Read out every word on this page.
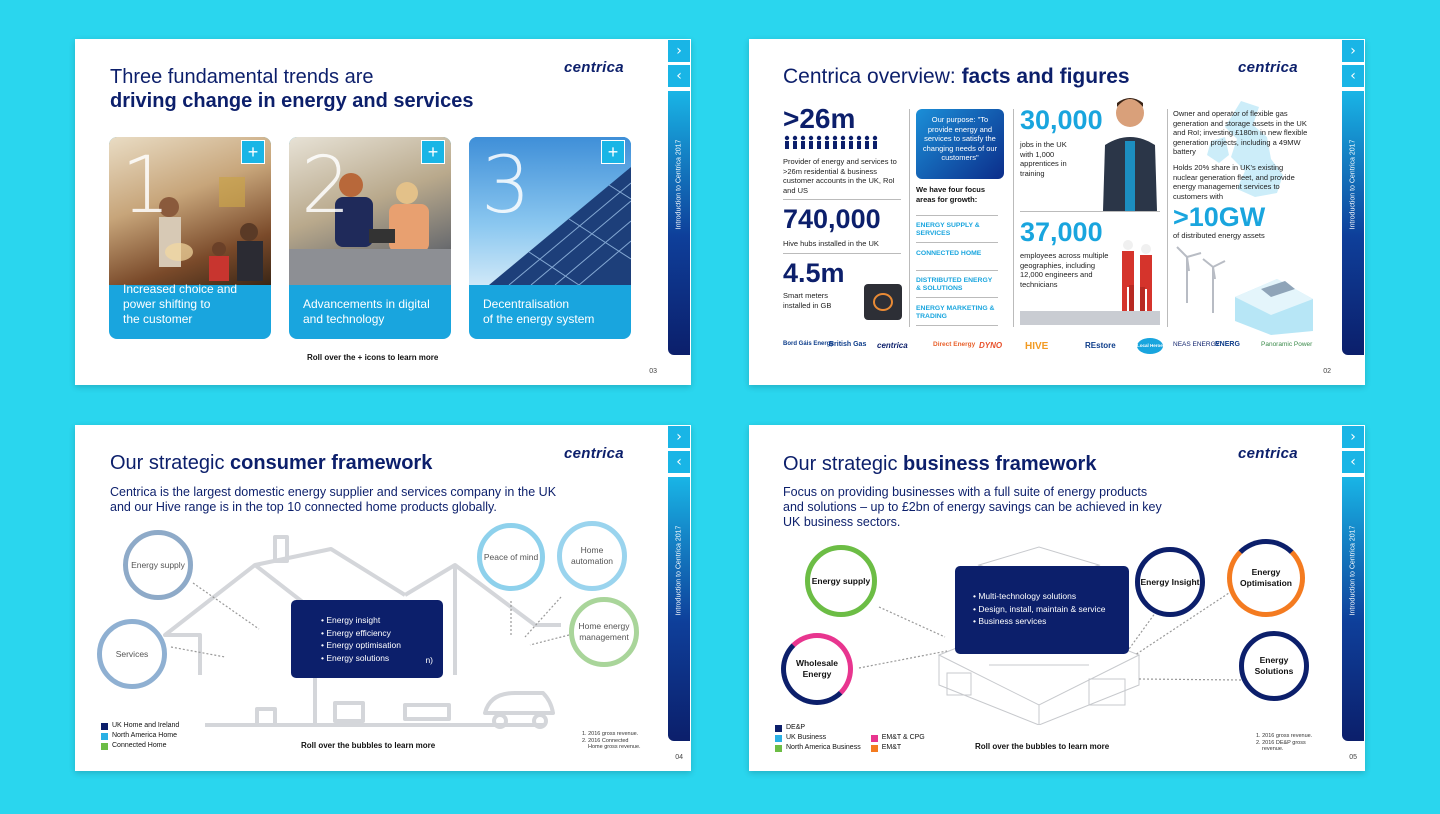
Three fundamental trends are
driving change in energy and services
centrica
1	+
Increased choice and
power shifting to
the customer
2	+
Advancements in digital
and technology
3	+
Decentralisation
of the energy system
Roll over the + icons to learn more
03
›
‹
Introduction to Centrica 2017
Centrica overview: facts and figures	centrica
>26m
Provider of energy and services to >26m residential & business customer accounts in the UK, RoI and US
740,000
Hive hubs installed in the UK
4.5m
Smart meters installed in GB
Our purpose: "To provide energy and services to satisfy the changing needs of our customers"
We have four focus areas for growth:
ENERGY SUPPLY & SERVICES
CONNECTED HOME
DISTRIBUTED ENERGY & SOLUTIONS
ENERGY MARKETING & TRADING
30,000
jobs in the UK with 1,000 apprentices in training
37,000
employees across multiple geographies, including 12,000 engineers and technicians
Owner and operator of flexible gas generation and storage assets in the UK and RoI; investing £180m in new flexible generation projects, including a 49MW battery
Holds 20% share in UK's existing nuclear generation fleet, and provide energy management services to customers with
>10GW
of distributed energy assets
Bord Gáis Energy
British Gas centrica	Direct Energy DYNO HIVE	REstore	Local Heroes NEAS ENERGY
ENERG	Panoramic Power
02
›
‹
Introduction to Centrica 2017
Our strategic consumer framework	centrica
Centrica is the largest domestic energy supplier and services company in the UK
and our Hive range is in the top 10 connected home products globally.
Energy supply
Services
Peace of mind
Home automation
Home energy management
• Energy insight
• Energy efficiency
• Energy optimisation
• Energy solutions	n)
UK Home and Ireland
North America Home
Connected Home	Roll over the bubbles to learn more
1. 2016 gross revenue.
2. 2016 Connected
Home gross revenue.
04
›
‹
Introduction to Centrica 2017
Our strategic business framework	centrica
Focus on providing businesses with a full suite of energy products
and solutions – up to £2bn of energy savings can be achieved in key
UK business sectors.
Energy supply
Wholesale Energy
Energy Insight
Energy Optimisation
Energy Solutions
• Multi-technology solutions
• Design, install, maintain & service
• Business services
DE&P
UK Business
North America Business
EM&T & CPG
EM&T	Roll over the bubbles to learn more
1. 2016 gross revenue.
2. 2016 DE&P gross
revenue.
05
›
‹
Introduction to Centrica 2017
